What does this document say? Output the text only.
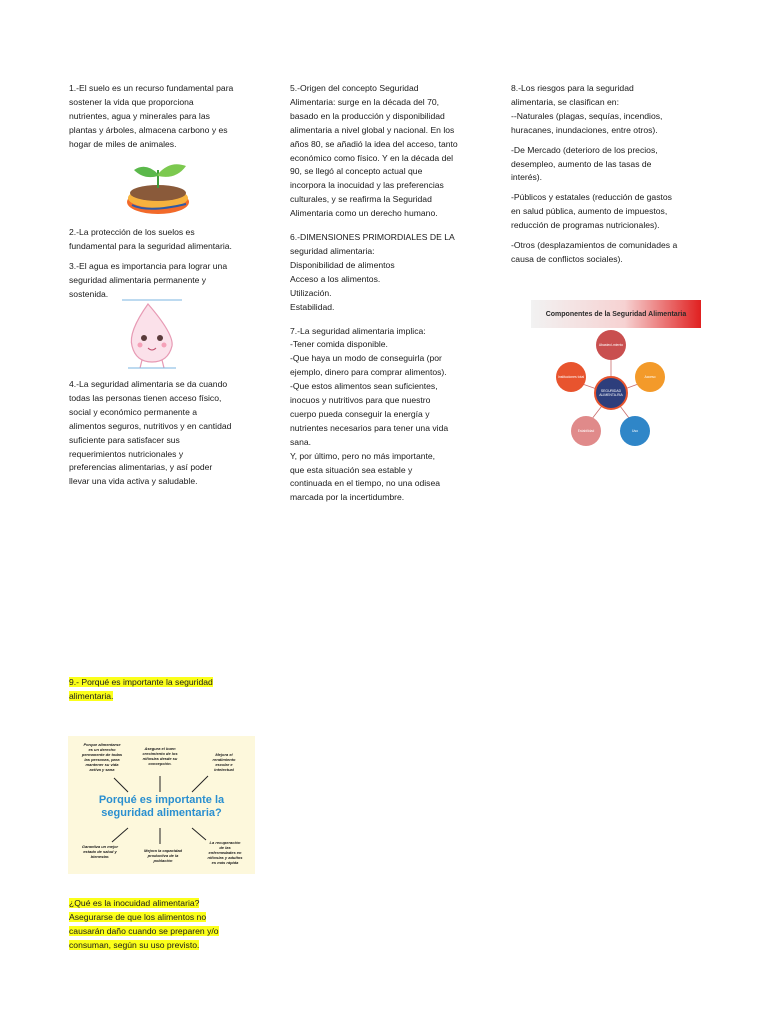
1.-El suelo es un recurso fundamental para
sostener la vida que proporciona
nutrientes, agua y minerales para las
plantas y árboles, almacena carbono y es
hogar de miles de animales.

2.-La protección de los suelos es
fundamental para la seguridad alimentaria.

3.-El agua es importancia para lograr una
seguridad alimentaria permanente y
sostenida.

4.-La seguridad alimentaria se da cuando
todas las personas tienen acceso físico,
social y económico permanente a
alimentos seguros, nutritivos y en cantidad
suficiente para satisfacer sus
requerimientos nutricionales y
preferencias alimentarias, y así poder
llevar una vida activa y saludable.

9.- Porqué es importante la seguridad
alimentaria.
Porque alimentarse
es un derecho
permanente de todas
las personas, para
mantener su vida
activa y sana
Asegura el buen
crecimiento de los
niños/as desde su
concepción.
Mejora el
rendimiento
escolar e
intelectual
Porqué es importante la
seguridad alimentaria?
Garantiza un mejor
estado de salud y
bienestar.
Mejora la capacidad
productiva de la
población
La recuperación
de las
enfermedades en
niños/as y adultos
es más rápida
¿Qué es la inocuidad alimentaria?
Asegurarse de que los alimentos no
causarán daño cuando se preparen y/o
consuman, según su uso previsto.

5.-Origen del concepto Seguridad
Alimentaria: surge en la década del 70,
basado en la producción y disponibilidad
alimentaria a nivel global y nacional. En los
años 80, se añadió la idea del acceso, tanto
económico como físico. Y en la década del
90, se llegó al concepto actual que
incorpora la inocuidad y las preferencias
culturales, y se reafirma la Seguridad
Alimentaria como un derecho humano.

6.-DIMENSIONES PRIMORDIALES DE LA
seguridad alimentaria:
Disponibilidad de alimentos
Acceso a los alimentos.
Utilización.
Estabilidad.

7.-La seguridad alimentaria implica:
-Tener comida disponible.
-Que haya un modo de conseguirla (por
ejemplo, dinero para comprar alimentos).
-Que estos alimentos sean suficientes,
inocuos y nutritivos para que nuestro
cuerpo pueda conseguir la energía y
nutrientes necesarios para tener una vida
sana.
Y, por último, pero no más importante,
que esta situación sea estable y
continuada en el tiempo, no una odisea
marcada por la incertidumbre.

8.-Los riesgos para la seguridad
alimentaria, se clasifican en:
--Naturales (plagas, sequías, incendios,
huracanes, inundaciones, entre otros).

-De Mercado (deterioro de los precios,
desempleo, aumento de las tasas de
interés).

-Públicos y estatales (reducción de gastos
en salud pública, aumento de impuestos,
reducción de programas nutricionales).

-Otros (desplazamientos de comunidades a
causa de conflictos sociales).

Componentes de la Seguridad Alimentaria
Abasteci-miento
Acceso
Uso
Estabilidad
Instituciones total
SEGURIDAD ALIMENTA-RIA
